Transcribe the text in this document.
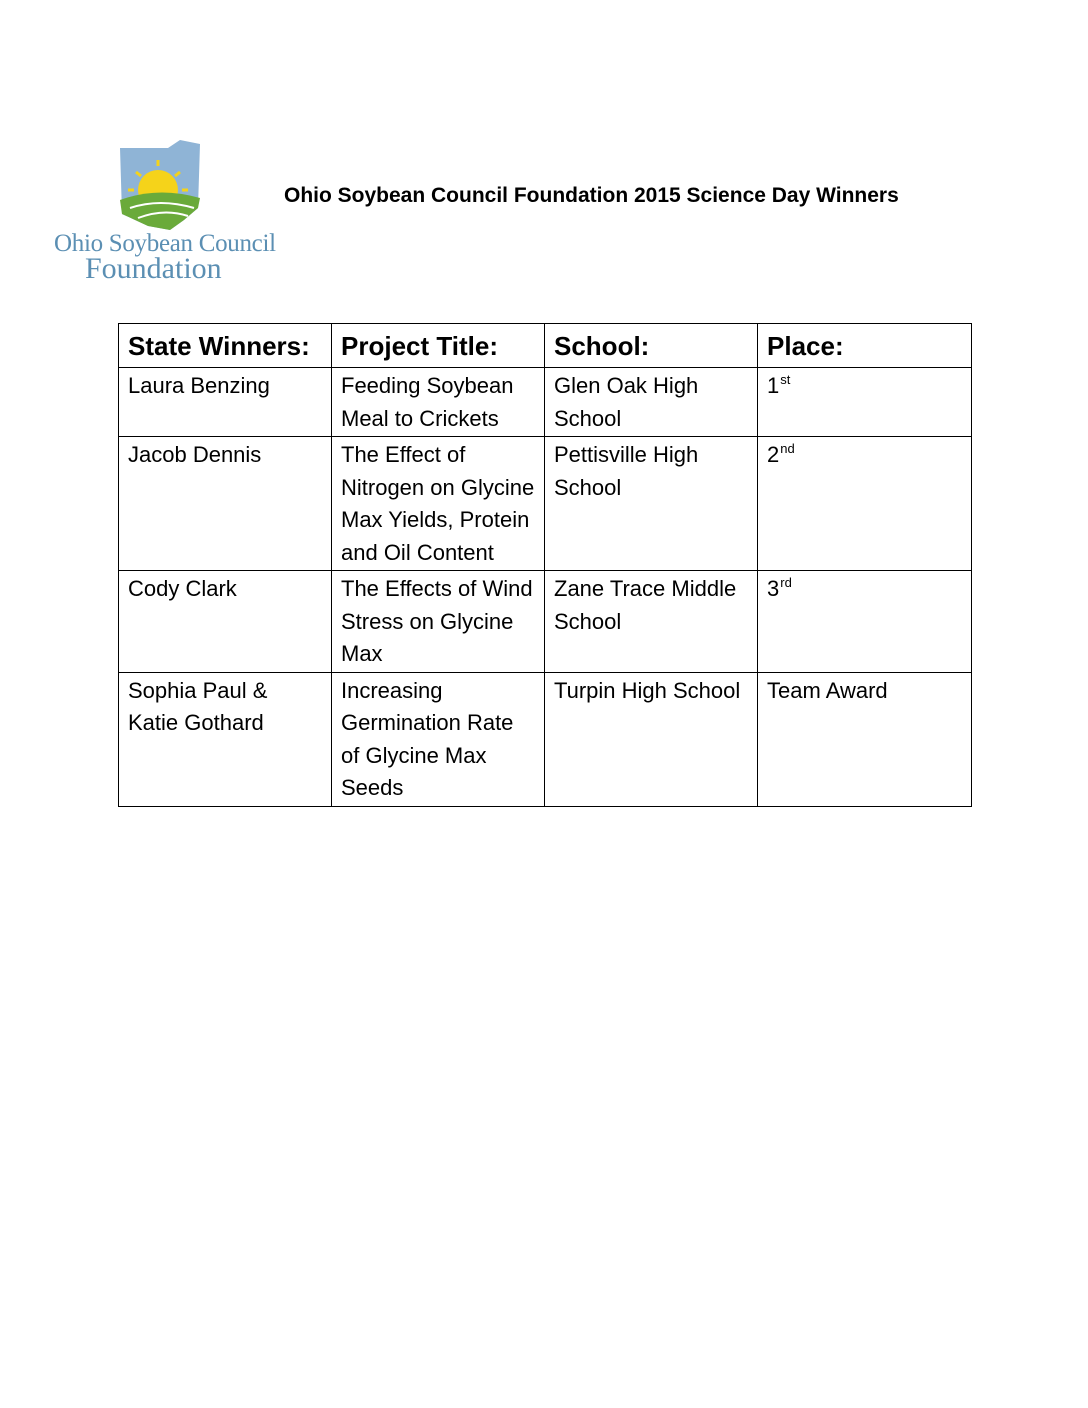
Ohio Soybean Council
Foundation
Ohio Soybean Council Foundation 2015 Science Day Winners
State Winners:	Project Title:	School:	Place:
Laura Benzing	Feeding Soybean Meal to Crickets	Glen Oak High School	1st
Jacob Dennis	The Effect of Nitrogen on Glycine Max Yields, Protein and Oil Content	Pettisville High School	2nd
Cody Clark	The Effects of Wind Stress on Glycine Max	Zane Trace Middle School	3rd
Sophia Paul & Katie Gothard	Increasing Germination Rate of Glycine Max Seeds	Turpin High School	Team Award
